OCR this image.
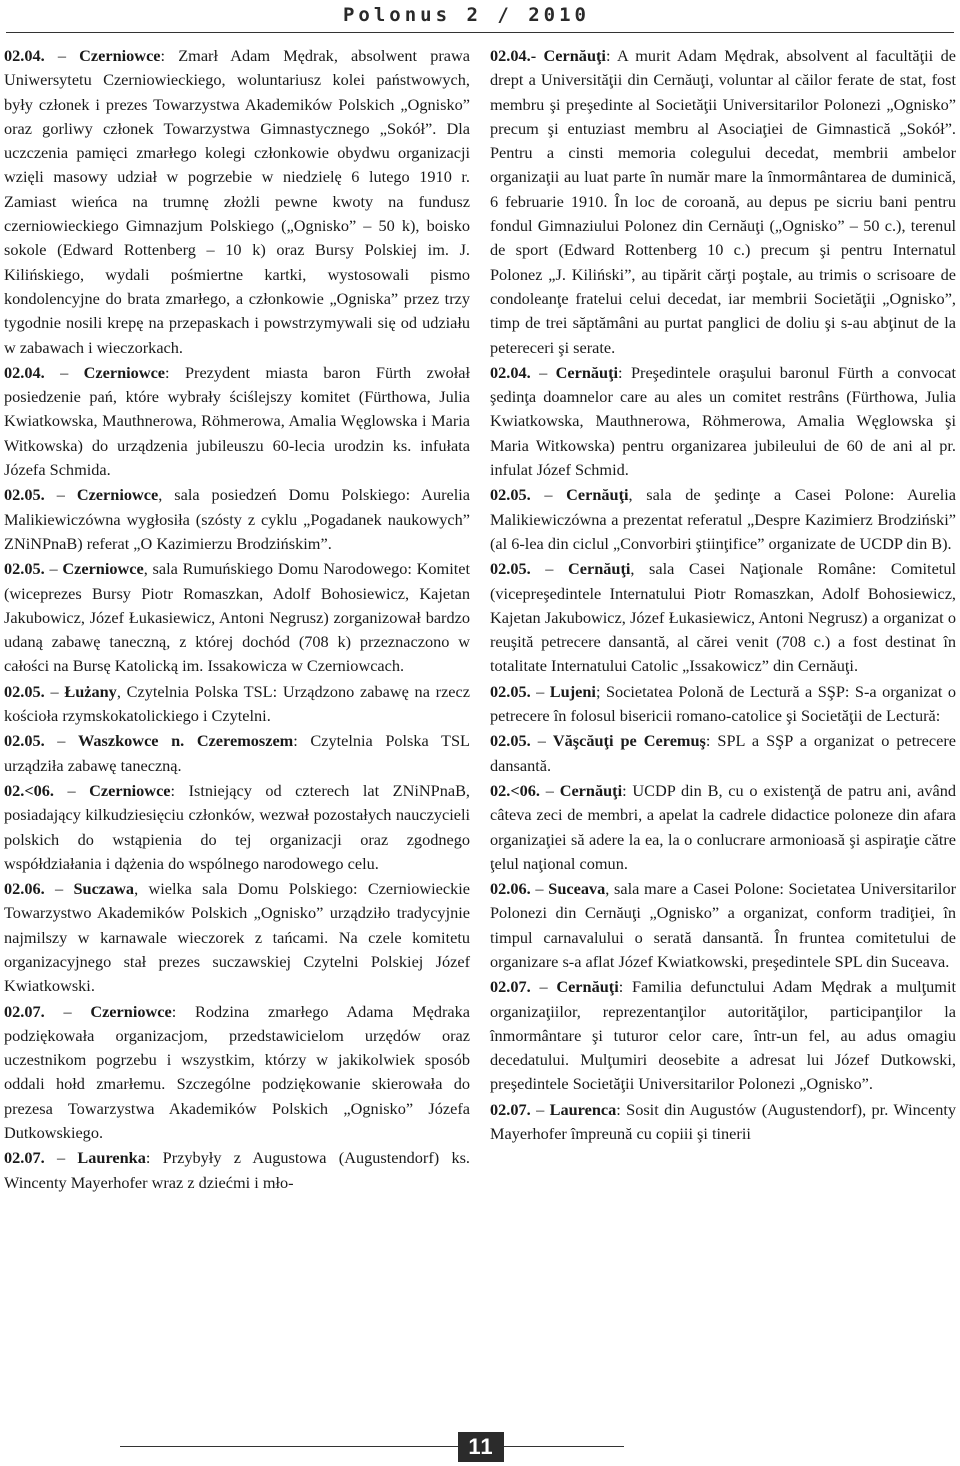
Polonus 2 / 2010

02.04. – Czerniowce: Zmarł Adam Mędrak, absolwent prawa Uniwersytetu Czerniowieckiego, woluntariusz kolei państwowych, były członek i prezes Towarzystwa Akademików Polskich „Ognisko” oraz gorliwy członek Towarzystwa Gimnastycznego „Sokół”. Dla uczczenia pamięci zmarłego kolegi członkowie obydwu organizacji wzięli masowy udział w pogrzebie w niedzielę 6 lutego 1910 r. Zamiast wieńca na trumnę złożli pewne kwoty na fundusz czerniowieckiego Gimnazjum Polskiego („Ognisko” – 50 k), boisko sokole (Edward Rottenberg – 10 k) oraz Bursy Polskiej im. J. Kilińskiego, wydali pośmiertne kartki, wystosowali pismo kondolencyjne do brata zmarłego, a członkowie „Ogniska” przez trzy tygodnie nosili krepę na przepaskach i powstrzymywali się od udziału w zabawach i wieczorkach.

02.04. – Czerniowce: Prezydent miasta baron Fürth zwołał posiedzenie pań, które wybrały ściślejszy komitet (Fürthowa, Julia Kwiatkowska, Mauthnerowa, Röhmerowa, Amalia Węglowska i Maria Witkowska) do urządzenia jubileuszu 60-lecia urodzin ks. infułata Józefa Schmida.

02.05. – Czerniowce, sala posiedzeń Domu Polskiego: Aurelia Malikiewiczówna wygłosiła (szósty z cyklu „Pogadanek naukowych” ZNiNPnaB) referat „O Kazimierzu Brodzińskim”.

02.05. – Czerniowce, sala Rumuńskiego Domu Narodowego: Komitet (wiceprezes Bursy Piotr Romaszkan, Adolf Bohosiewicz, Kajetan Jakubowicz, Józef Łukasiewicz, Antoni Negrusz) zorganizował bardzo udaną zabawę taneczną, z której dochód (708 k) przeznaczono w całości na Bursę Katolicką im. Issakowicza w Czerniowcach.

02.05. – Łużany, Czytelnia Polska TSL: Urządzono zabawę na rzecz kościoła rzymskokatolickiego i Czytelni.

02.05. – Waszkowce n. Czeremoszem: Czytelnia Polska TSL urządziła zabawę taneczną.

02.<06. – Czerniowce: Istniejący od czterech lat ZNiNPnaB, posiadający kilkudziesięciu członków, wezwał pozostałych nauczycieli polskich do wstąpienia do tej organizacji oraz zgodnego współdziałania i dążenia do wspólnego narodowego celu.

02.06. – Suczawa, wielka sala Domu Polskiego: Czerniowieckie Towarzystwo Akademików Polskich „Ognisko” urządziło tradycyjnie najmilszy w karnawale wieczorek z tańcami. Na czele komitetu organizacyjnego stał prezes suczawskiej Czytelni Polskiej Józef Kwiatkowski.

02.07. – Czerniowce: Rodzina zmarłego Adama Mędraka podziękowała organizacjom, przedstawicielom urzędów oraz uczestnikom pogrzebu i wszystkim, którzy w jakikolwiek sposób oddali hołd zmarłemu. Szczególne podziękowanie skierowała do prezesa Towarzystwa Akademików Polskich „Ognisko” Józefa Dutkowskiego.

02.07. – Laurenka: Przybyły z Augustowa (Augustendorf) ks. Wincenty Mayerhofer wraz z dziećmi i mło-

02.04.- Cernăuţi: A murit Adam Mędrak, absolvent al facultăţii de drept a Universităţii din Cernăuţi, voluntar al căilor ferate de stat, fost membru şi preşedinte al Societăţii Universitarilor Polonezi „Ognisko” precum şi entuziast membru al Asociaţiei de Gimnastică „Sokół”. Pentru a cinsti memoria colegului decedat, membrii ambelor organizaţii au luat parte în număr mare la înmormântarea de duminică, 6 februarie 1910. În loc de coroană, au depus pe sicriu bani pentru fondul Gimnaziului Polonez din Cernăuţi („Ognisko” – 50 c.), terenul de sport (Edward Rottenberg 10 c.) precum şi pentru Internatul Polonez „J. Kiliński”, au tipărit cărţi poştale, au trimis o scrisoare de condoleanţe fratelui celui decedat, iar membrii Societăţii „Ognisko”, timp de trei săptămâni au purtat panglici de doliu şi s-au abţinut de la petereceri şi serate.

02.04. – Cernăuţi: Preşedintele oraşului baronul Fürth a convocat şedinţa doamnelor care au ales un comitet restrâns (Fürthowa, Julia Kwiatkowska, Mauthnerowa, Röhmerowa, Amalia Węglowska şi Maria Witkowska) pentru organizarea jubileului de 60 de ani al pr. infulat Józef Schmid.

02.05. – Cernăuţi, sala de şedinţe a Casei Polone: Aurelia Malikiewiczówna a prezentat referatul „Despre Kazimierz Brodziński” (al 6-lea din ciclul „Convorbiri ştiinţifice” organizate de UCDP din B).

02.05. – Cernăuţi, sala Casei Naţionale Române: Comitetul (vicepreşedintele Internatului Piotr Romaszkan, Adolf Bohosiewicz, Kajetan Jakubowicz, Józef Łukasiewicz, Antoni Negrusz) a organizat o reuşită petrecere dansantă, al cărei venit (708 c.) a fost destinat în totalitate Internatului Catolic „Issakowicz” din Cernăuţi.

02.05. – Lujeni; Societatea Polonă de Lectură a SŞP: S-a organizat o petrecere în folosul bisericii romano-catolice şi Societăţii de Lectură:

02.05. – Văşcăuţi pe Ceremuş: SPL a SŞP a organizat o petrecere dansantă.

02.<06. – Cernăuţi: UCDP din B, cu o existenţă de patru ani, având câteva zeci de membri, a apelat la cadrele didactice poloneze din afara organizaţiei să adere la ea, la o conlucrare armonioasă şi aspiraţie către ţelul naţional comun.

02.06. – Suceava, sala mare a Casei Polone: Societatea Universitarilor Polonezi din Cernăuţi „Ognisko” a organizat, conform tradiţiei, în timpul carnavalului o serată dansantă. În fruntea comitetului de organizare s-a aflat Józef Kwiatkowski, preşedintele SPL din Suceava.

02.07. – Cernăuţi: Familia defunctului Adam Mędrak a mulţumit organizaţiilor, reprezentanţilor autorităţilor, participanţilor la înmormântare şi tuturor celor care, într-un fel, au adus omagiu decedatului. Mulţumiri deosebite a adresat lui Józef Dutkowski, preşedintele Societăţii Universitarilor Polonezi „Ognisko”.

02.07. – Laurenca: Sosit din Augustów (Augustendorf), pr. Wincenty Mayerhofer împreună cu copiii şi tinerii

11
